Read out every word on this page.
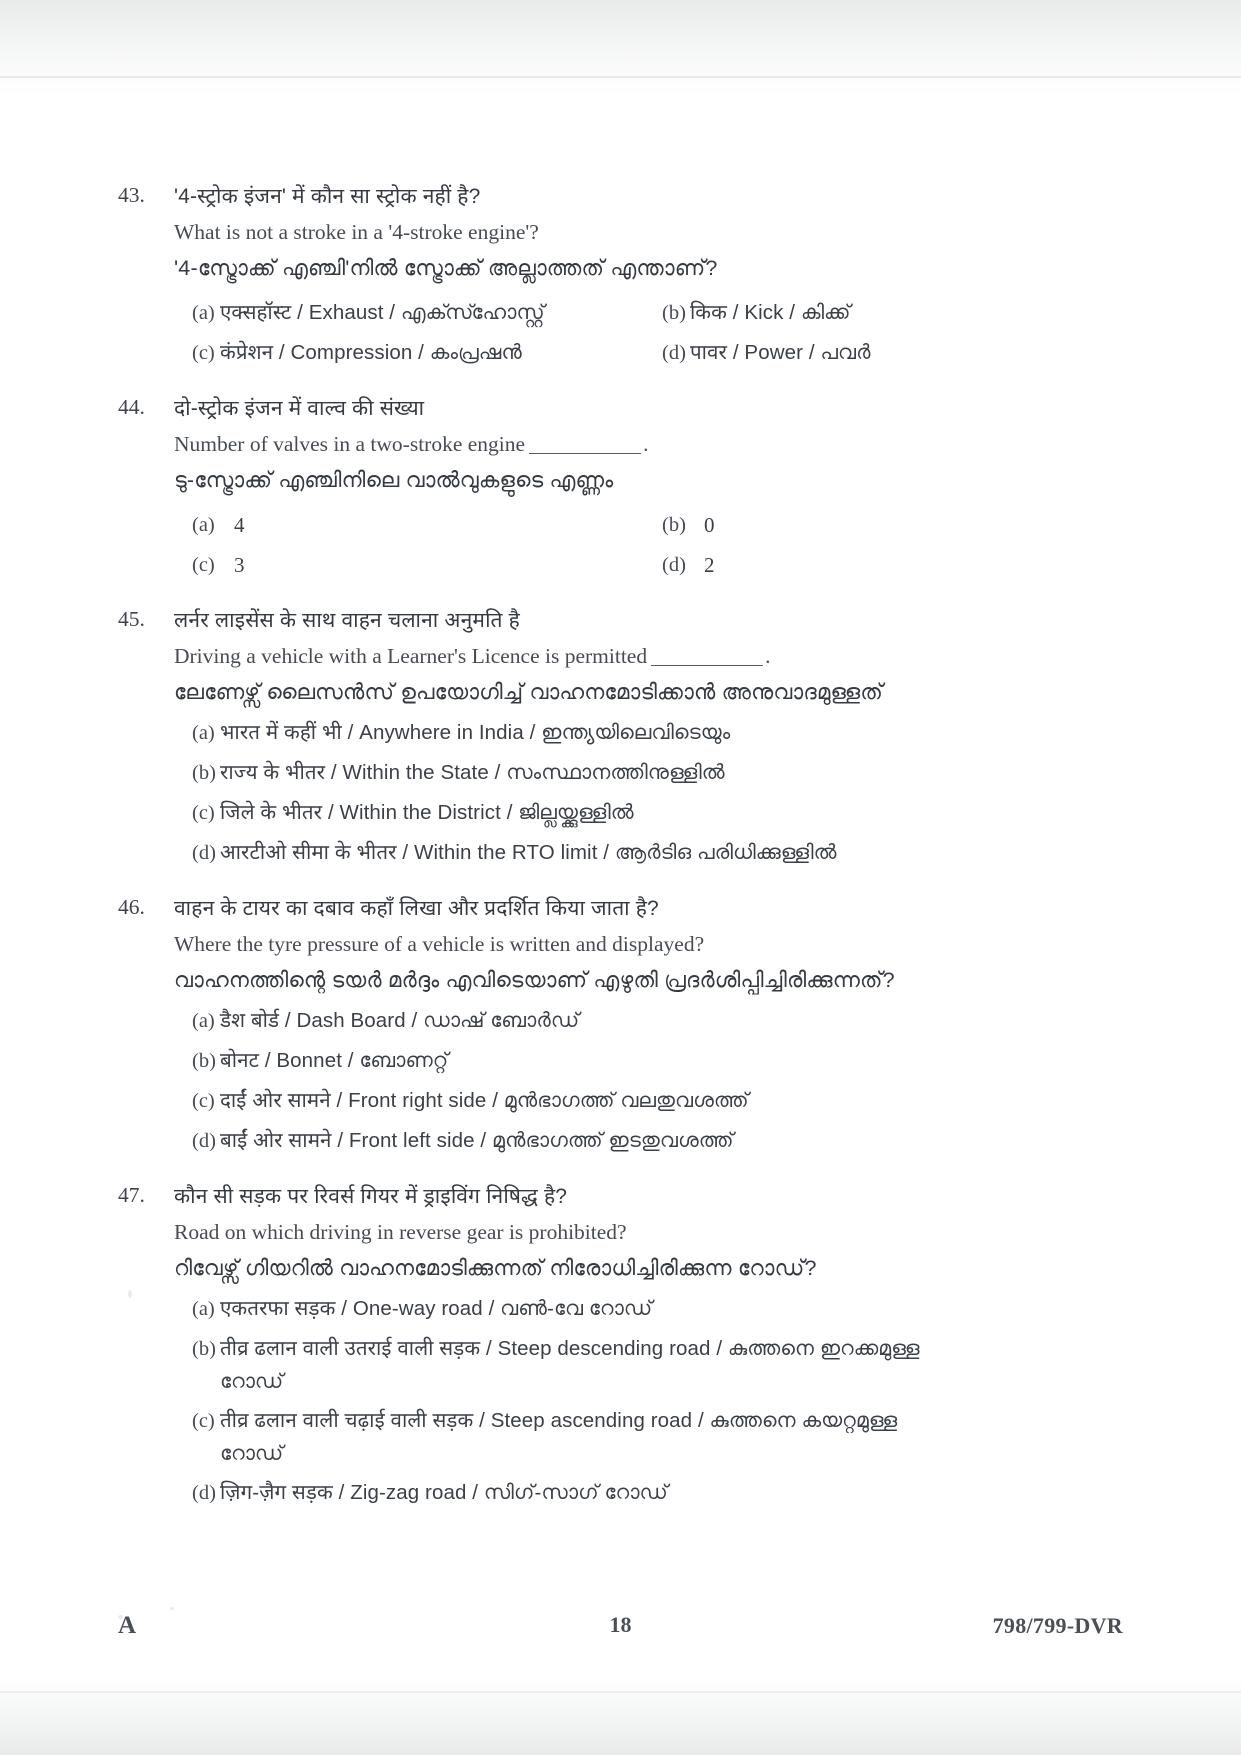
43.	'4-स्ट्रोक इंजन' में कौन सा स्ट्रोक नहीं है?
What is not a stroke in a '4-stroke engine'?
'4-സ്ട്രോക്ക് എഞ്ചി'നിൽ സ്ട്രോക്ക് അല്ലാത്തത് എന്താണ്?
(a) एक्सहॉस्ट / Exhaust / എക്സ്ഹോസ്റ്റ്	(b) किक / Kick / കിക്ക്
(c) कंप्रेशन / Compression / കംപ്രഷൻ	(d) पावर / Power / പവർ
44.	दो-स्ट्रोक इंजन में वाल्व की संख्या
Number of valves in a two-stroke engine	.
ടു-സ്ട്രോക്ക് എഞ്ചിനിലെ വാൽവുകളുടെ എണ്ണം
(a) 4	(b) 0
(c) 3	(d) 2
45.	लर्नर लाइसेंस के साथ वाहन चलाना अनुमति है
Driving a vehicle with a Learner's Licence is permitted	.
ലേണേഴ്സ് ലൈസൻസ് ഉപയോഗിച്ച് വാഹനമോടിക്കാൻ അനുവാദമുള്ളത്
(a) भारत में कहीं भी / Anywhere in India / ഇന്ത്യയിലെവിടെയും
(b) राज्य के भीतर / Within the State / സംസ്ഥാനത്തിനുള്ളിൽ
(c) जिले के भीतर / Within the District / ജില്ലയ്ക്കുള്ളിൽ
(d) आरटीओ सीमा के भीतर / Within the RTO limit / ആർടിഒ പരിധിക്കുള്ളിൽ
46.	वाहन के टायर का दबाव कहाँ लिखा और प्रदर्शित किया जाता है?
Where the tyre pressure of a vehicle is written and displayed?
വാഹനത്തിന്റെ ടയർ മർദ്ദം എവിടെയാണ് എഴുതി പ്രദർശിപ്പിച്ചിരിക്കുന്നത്?
(a) डैश बोर्ड / Dash Board / ഡാഷ് ബോർഡ്
(b) बोनट / Bonnet / ബോണറ്റ്
(c) दाईं ओर सामने / Front right side / മുൻഭാഗത്ത് വലതുവശത്ത്
(d) बाईं ओर सामने / Front left side / മുൻഭാഗത്ത് ഇടതുവശത്ത്
47.	कौन सी सड़क पर रिवर्स गियर में ड्राइविंग निषिद्ध है?
Road on which driving in reverse gear is prohibited?
റിവേഴ്സ് ഗിയറിൽ വാഹനമോടിക്കുന്നത് നിരോധിച്ചിരിക്കുന്ന റോഡ്?
(a) एकतरफा सड़क / One-way road / വൺ-വേ റോഡ്
(b) तीव्र ढलान वाली उतराई वाली सड़क / Steep descending road / കുത്തനെ ഇറക്കമുള്ള
റോഡ്
(c) तीव्र ढलान वाली चढ़ाई वाली सड़क / Steep ascending road / കുത്തനെ കയറ്റമുള്ള
റോഡ്
(d) ज़िग-ज़ैग सड़क / Zig-zag road / സിഗ്-സാഗ് റോഡ്
A	18	798/799-DVR
